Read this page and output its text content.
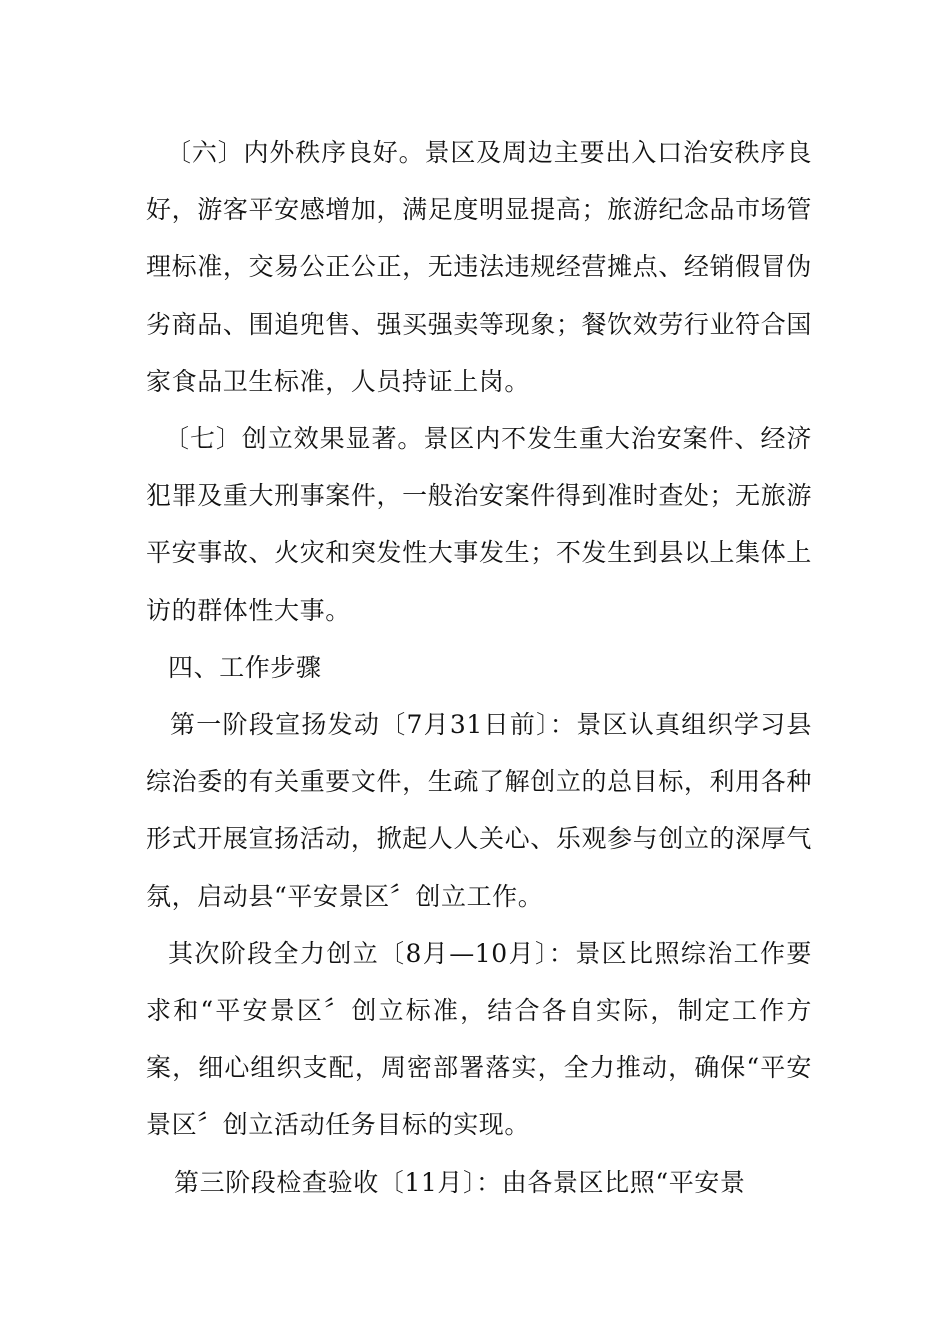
〔六〕内外秩序良好。景区及周边主要出入口治安秩序良好，游客平安感增加，满足度明显提高；旅游纪念品市场管理标准，交易公正公正，无违法违规经营摊点、经销假冒伪劣商品、围追兜售、强买强卖等现象；餐饮效劳行业符合国家食品卫生标准，人员持证上岗。

〔七〕创立效果显著。景区内不发生重大治安案件、经济犯罪及重大刑事案件，一般治安案件得到准时查处；无旅游平安事故、火灾和突发性大事发生；不发生到县以上集体上访的群体性大事。

四、工作步骤

第一阶段宣扬发动〔7月31日前〕：景区认真组织学习县综治委的有关重要文件，生疏了解创立的总目标，利用各种形式开展宣扬活动，掀起人人关心、乐观参与创立的深厚气氛，启动县“平安景区〞创立工作。

其次阶段全力创立〔8月—10月〕：景区比照综治工作要求和“平安景区〞创立标准，结合各自实际，制定工作方案，细心组织支配，周密部署落实，全力推动，确保“平安景区〞创立活动任务目标的实现。

第三阶段检查验收〔11月〕：由各景区比照“平安景
